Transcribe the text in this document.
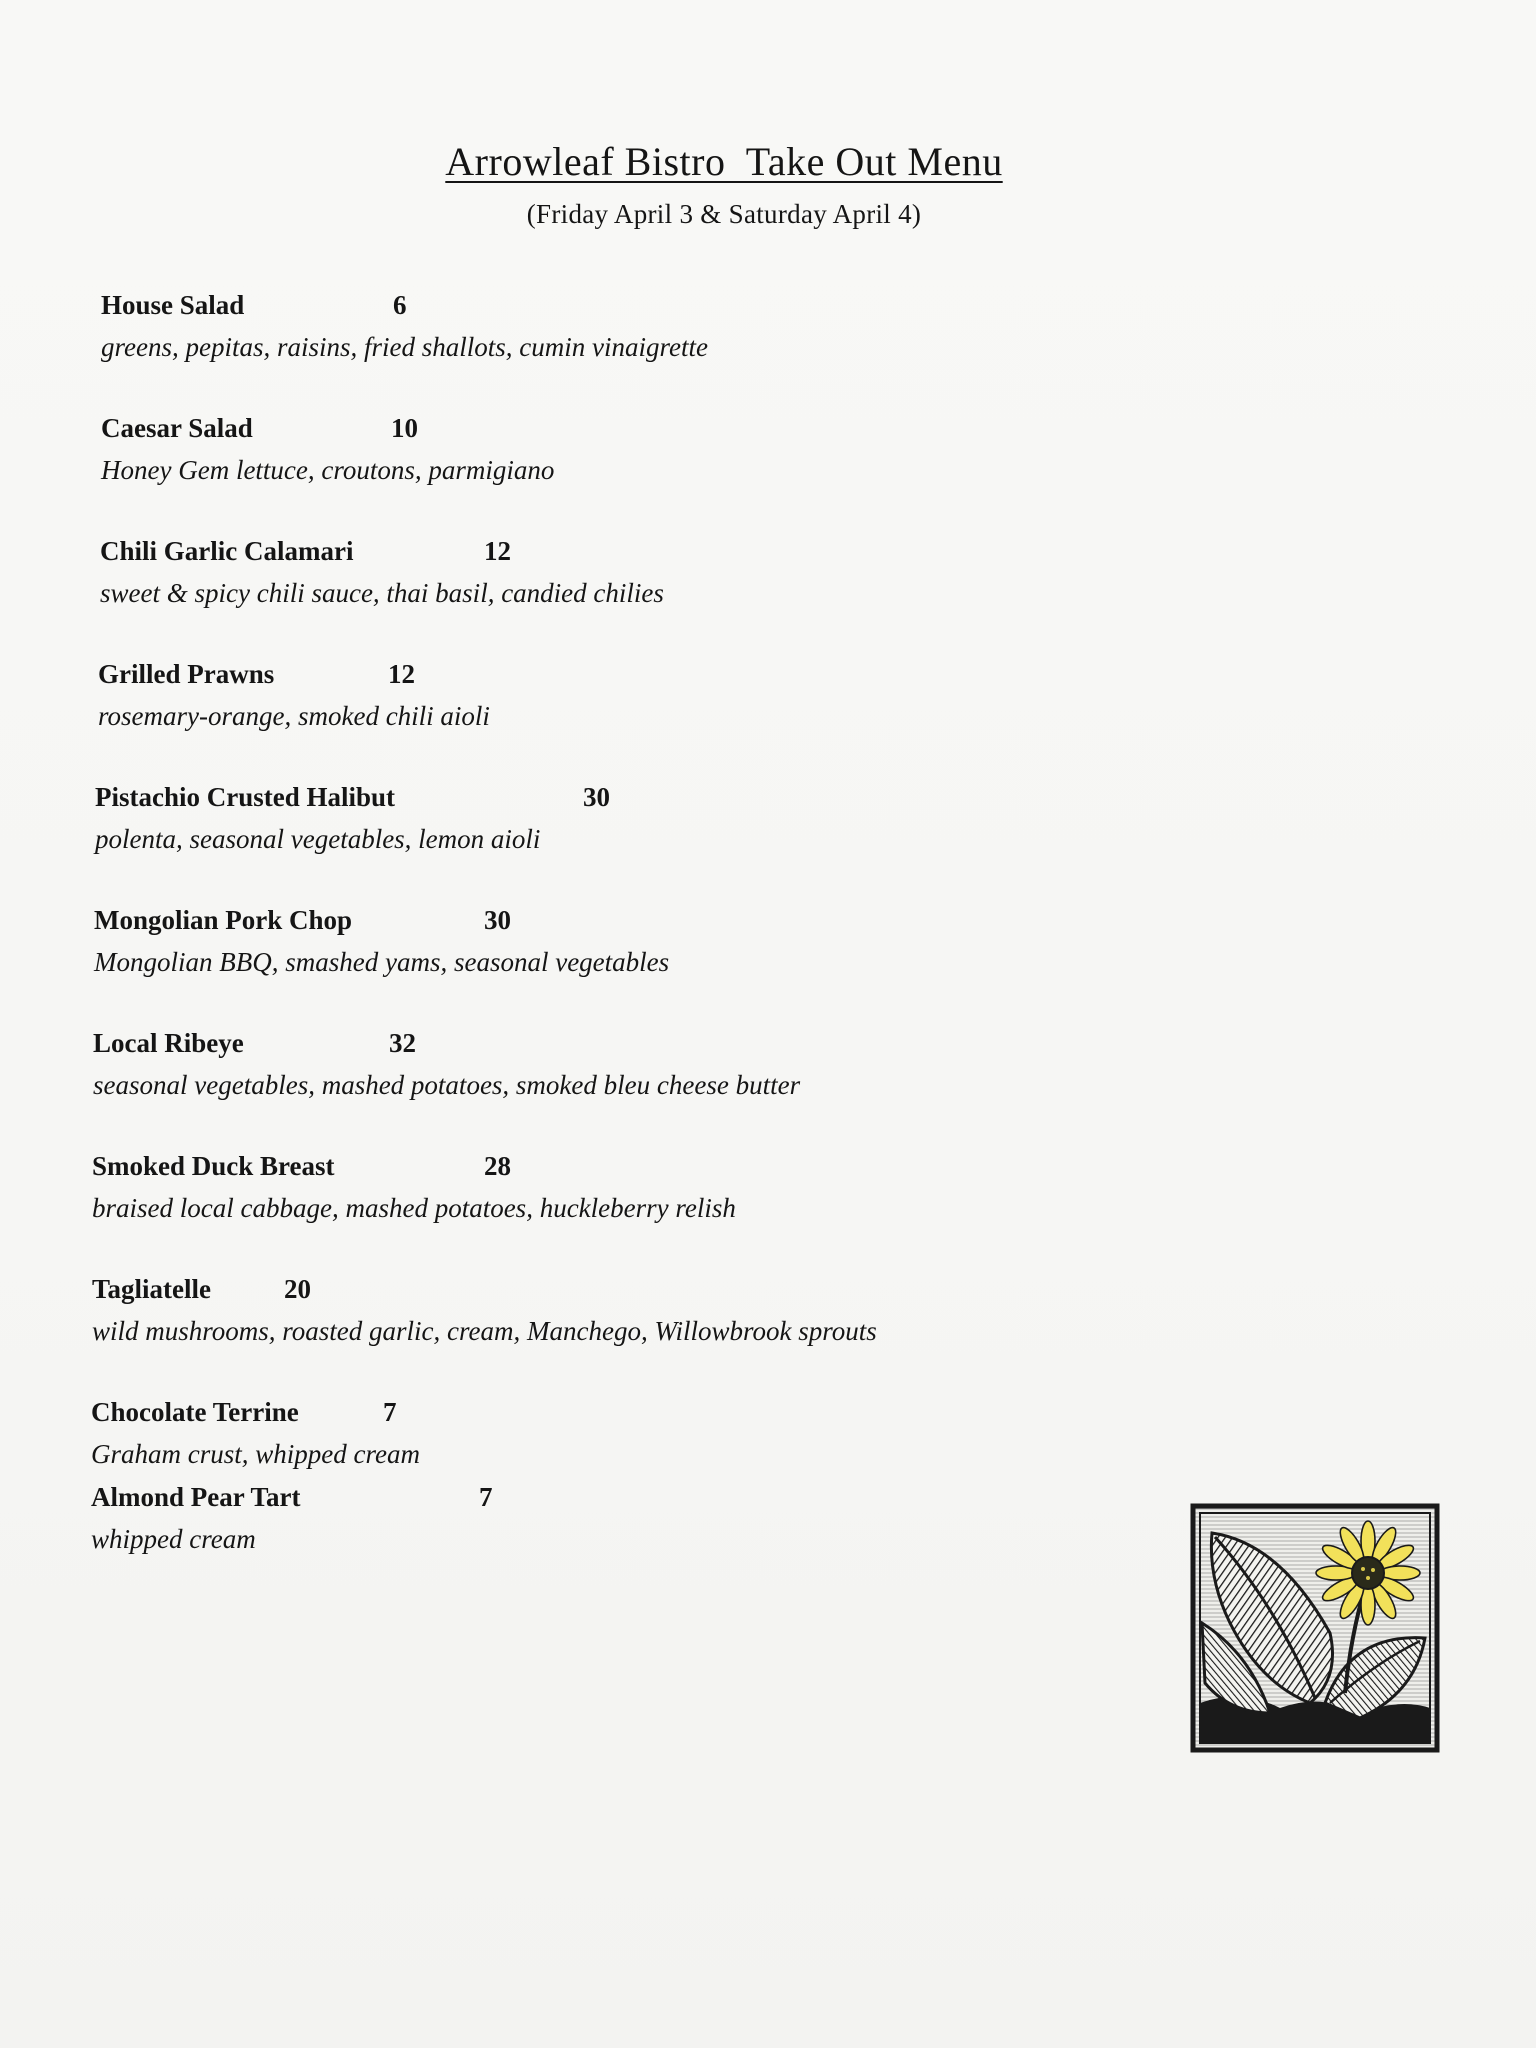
Arrowleaf Bistro  Take Out Menu
(Friday April 3 & Saturday April 4)
House Salad	6
greens, pepitas, raisins, fried shallots, cumin vinaigrette
Caesar Salad	10
Honey Gem lettuce, croutons, parmigiano
Chili Garlic Calamari	12
sweet & spicy chili sauce, thai basil, candied chilies
Grilled Prawns	12
rosemary-orange, smoked chili aioli
Pistachio Crusted Halibut	30
polenta, seasonal vegetables, lemon aioli
Mongolian Pork Chop	30
Mongolian BBQ, smashed yams, seasonal vegetables
Local Ribeye	32
seasonal vegetables, mashed potatoes, smoked bleu cheese butter
Smoked Duck Breast	28
braised local cabbage, mashed potatoes, huckleberry relish
Tagliatelle	20
wild mushrooms, roasted garlic, cream, Manchego, Willowbrook sprouts
Chocolate Terrine	7
Graham crust, whipped cream
Almond Pear Tart	7
whipped cream
